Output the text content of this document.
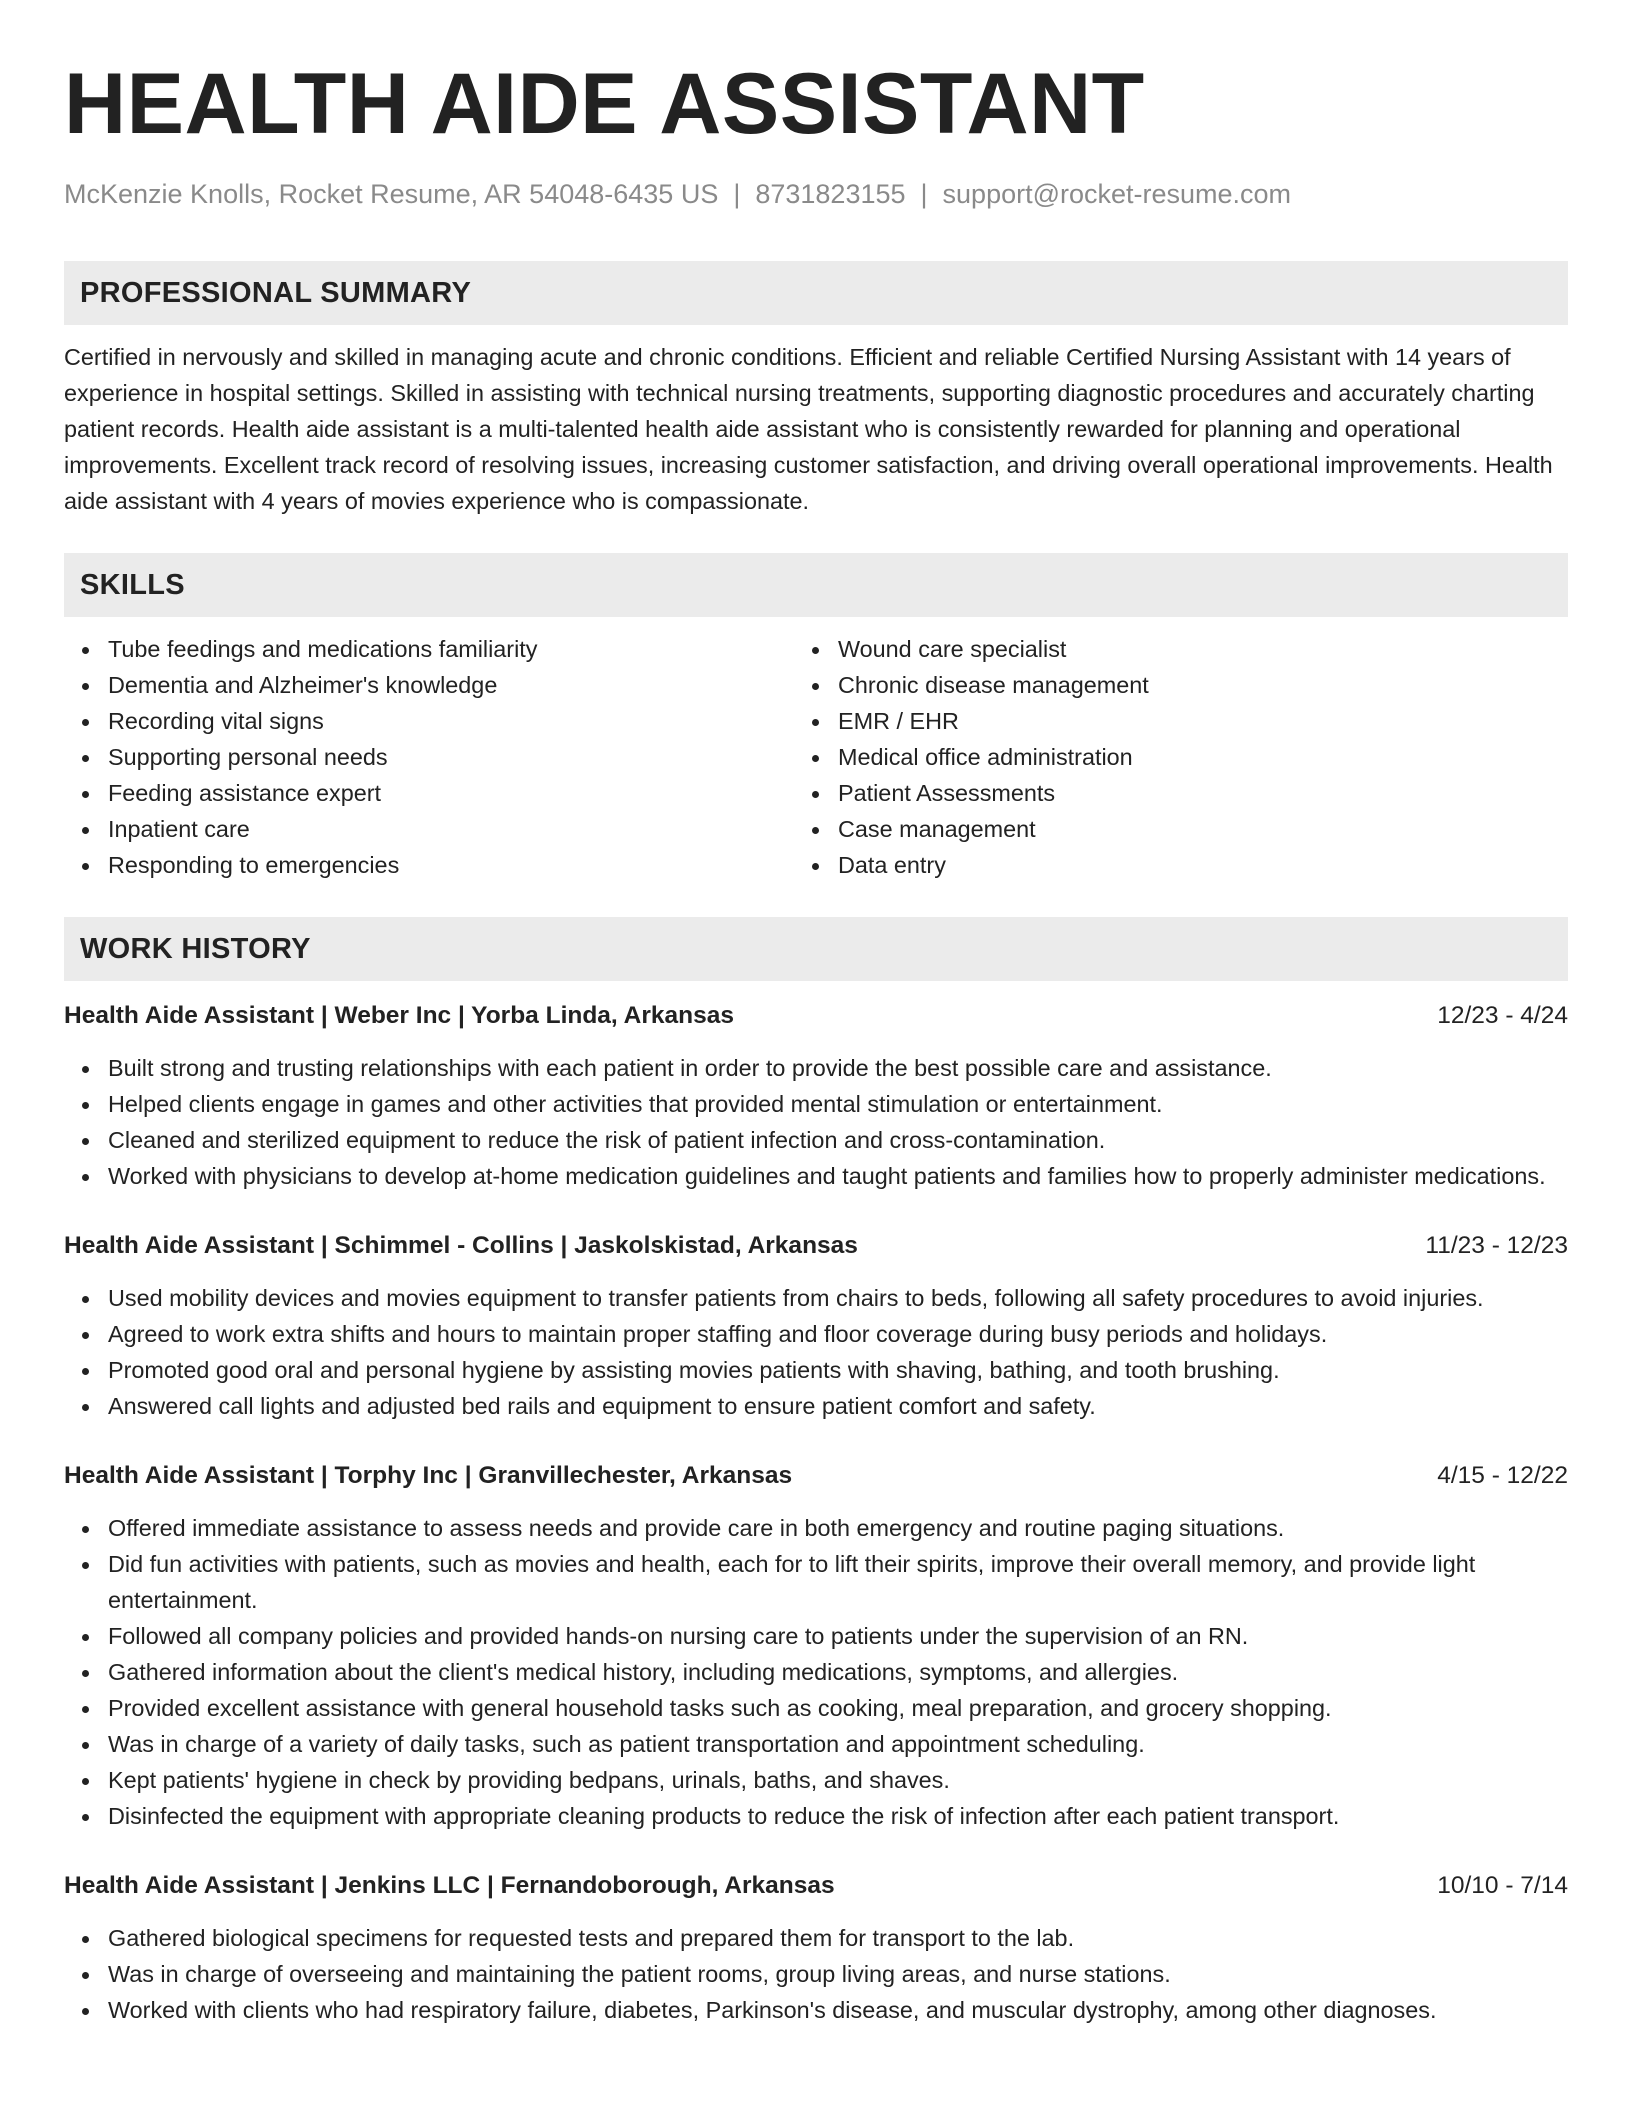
HEALTH AIDE ASSISTANT
McKenzie Knolls, Rocket Resume, AR 54048-6435 US | 8731823155 | support@rocket-resume.com
PROFESSIONAL SUMMARY
Certified in nervously and skilled in managing acute and chronic conditions. Efficient and reliable Certified Nursing Assistant with 14 years of experience in hospital settings. Skilled in assisting with technical nursing treatments, supporting diagnostic procedures and accurately charting patient records. Health aide assistant is a multi-talented health aide assistant who is consistently rewarded for planning and operational improvements. Excellent track record of resolving issues, increasing customer satisfaction, and driving overall operational improvements. Health aide assistant with 4 years of movies experience who is compassionate.
SKILLS
Tube feedings and medications familiarity
Dementia and Alzheimer's knowledge
Recording vital signs
Supporting personal needs
Feeding assistance expert
Inpatient care
Responding to emergencies
Wound care specialist
Chronic disease management
EMR / EHR
Medical office administration
Patient Assessments
Case management
Data entry
WORK HISTORY
Health Aide Assistant | Weber Inc | Yorba Linda, Arkansas	12/23 - 4/24
Built strong and trusting relationships with each patient in order to provide the best possible care and assistance.
Helped clients engage in games and other activities that provided mental stimulation or entertainment.
Cleaned and sterilized equipment to reduce the risk of patient infection and cross-contamination.
Worked with physicians to develop at-home medication guidelines and taught patients and families how to properly administer medications.
Health Aide Assistant | Schimmel - Collins | Jaskolskistad, Arkansas	11/23 - 12/23
Used mobility devices and movies equipment to transfer patients from chairs to beds, following all safety procedures to avoid injuries.
Agreed to work extra shifts and hours to maintain proper staffing and floor coverage during busy periods and holidays.
Promoted good oral and personal hygiene by assisting movies patients with shaving, bathing, and tooth brushing.
Answered call lights and adjusted bed rails and equipment to ensure patient comfort and safety.
Health Aide Assistant | Torphy Inc | Granvillechester, Arkansas	4/15 - 12/22
Offered immediate assistance to assess needs and provide care in both emergency and routine paging situations.
Did fun activities with patients, such as movies and health, each for to lift their spirits, improve their overall memory, and provide light entertainment.
Followed all company policies and provided hands-on nursing care to patients under the supervision of an RN.
Gathered information about the client's medical history, including medications, symptoms, and allergies.
Provided excellent assistance with general household tasks such as cooking, meal preparation, and grocery shopping.
Was in charge of a variety of daily tasks, such as patient transportation and appointment scheduling.
Kept patients' hygiene in check by providing bedpans, urinals, baths, and shaves.
Disinfected the equipment with appropriate cleaning products to reduce the risk of infection after each patient transport.
Health Aide Assistant | Jenkins LLC | Fernandoborough, Arkansas	10/10 - 7/14
Gathered biological specimens for requested tests and prepared them for transport to the lab.
Was in charge of overseeing and maintaining the patient rooms, group living areas, and nurse stations.
Worked with clients who had respiratory failure, diabetes, Parkinson's disease, and muscular dystrophy, among other diagnoses.
